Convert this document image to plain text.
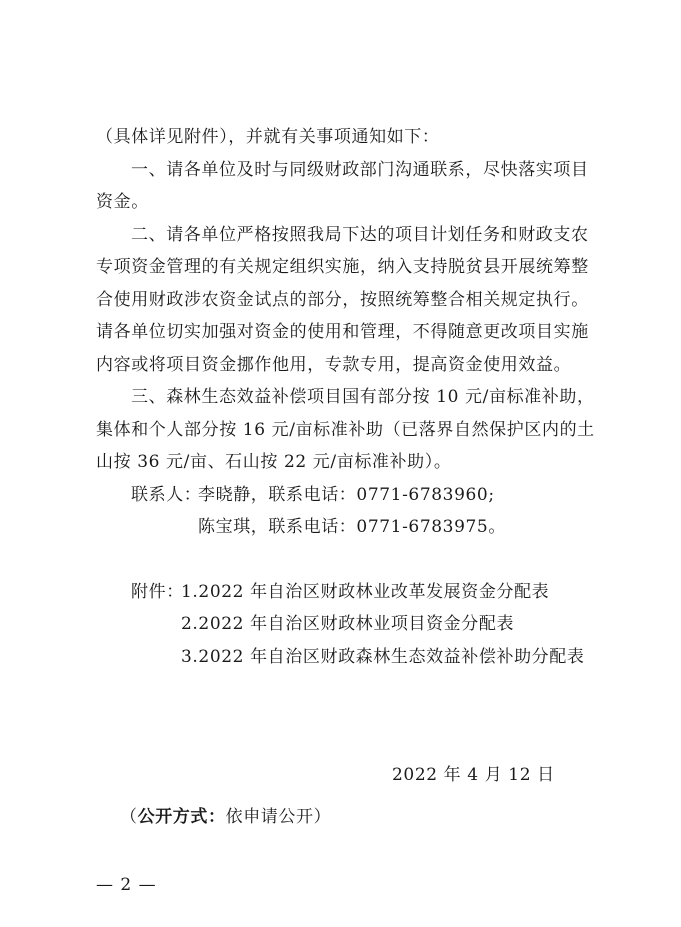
（具体详见附件），并就有关事项通知如下：
一、请各单位及时与同级财政部门沟通联系，尽快落实项目
资金。
二、请各单位严格按照我局下达的项目计划任务和财政支农
专项资金管理的有关规定组织实施，纳入支持脱贫县开展统筹整
合使用财政涉农资金试点的部分，按照统筹整合相关规定执行。
请各单位切实加强对资金的使用和管理，不得随意更改项目实施
内容或将项目资金挪作他用，专款专用，提高资金使用效益。
三、森林生态效益补偿项目国有部分按 10 元/亩标准补助，
集体和个人部分按 16 元/亩标准补助（已落界自然保护区内的土
山按 36 元/亩、石山按 22 元/亩标准补助）。
联系人：
李晓静，联系电话：0771-6783960;
陈宝琪，联系电话：0771-6783975。
附件：
1.2022 年自治区财政林业改革发展资金分配表
2.2022 年自治区财政林业项目资金分配表
3.2022 年自治区财政森林生态效益补偿补助分配表
2022 年 4 月 12 日
（公开方式：依申请公开）
— 2 —
